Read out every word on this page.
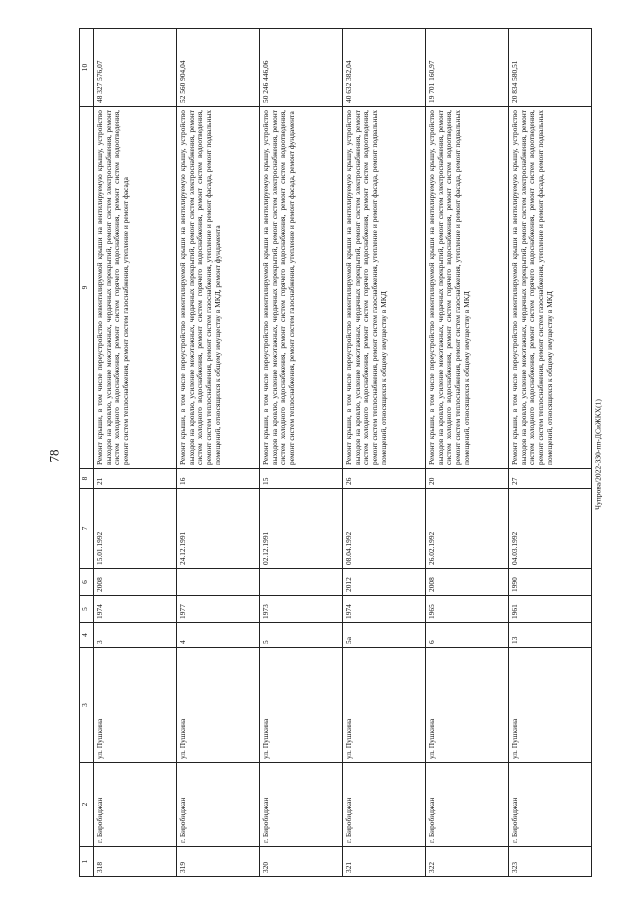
78	Чупрова/2022-330-пп-ДСиЖКХ(1)
1	2	3	4	5	6	7	8	9	10
318	г. Биробиджан	ул. Пушкина	3	1974	2008	15.01.1992	21	Ремонт крыши, в том числе переустройство невентилируемой крыши на вентилируемую крышу, устройство выходов на кровлю, усиление межэтажных, чердачных перекрытий, ремонт систем электроснабжения, ремонт систем холодного водоснабжения, ремонт систем горячего водоснабжения, ремонт систем водоотведения, ремонт систем теплоснабжения, ремонт систем газоснабжения, утепление и ремонт фасада	48 327 576,07
319	г. Биробиджан	ул. Пушкина	4	1977		24.12.1991	16	Ремонт крыши, в том числе переустройство невентилируемой крыши на вентилируемую крышу, устройство выходов на кровлю, усиление межэтажных, чердачных перекрытий, ремонт систем электроснабжения, ремонт систем холодного водоснабжения, ремонт систем горячего водоснабжения, ремонт систем водоотведения, ремонт систем теплоснабжения, ремонт систем газоснабжения, утепление и ремонт фасада, ремонт подвальных помещений, относящихся к общему имуществу в МКД, ремонт фундамента	52 560 904,04
320	г. Биробиджан	ул. Пушкина	5	1973		02.12.1991	15	Ремонт крыши, в том числе переустройство невентилируемой крыши на вентилируемую крышу, устройство выходов на кровлю, усиление межэтажных, чердачных перекрытий, ремонт систем электроснабжения, ремонт систем холодного водоснабжения, ремонт систем горячего водоснабжения, ремонт систем водоотведения, ремонт систем теплоснабжения, ремонт систем газоснабжения, утепление и ремонт фасада, ремонт фундамента	50 246 446,06
321	г. Биробиджан	ул. Пушкина	5а	1974	2012	08.04.1992	26	Ремонт крыши, в том числе переустройство невентилируемой крыши на вентилируемую крышу, устройство выходов на кровлю, усиление межэтажных, чердачных перекрытий, ремонт систем электроснабжения, ремонт систем холодного водоснабжения, ремонт систем горячего водоснабжения, ремонт систем водоотведения, ремонт систем теплоснабжения, ремонт систем газоснабжения, утепление и ремонт фасада, ремонт подвальных помещений, относящихся к общему имуществу в МКД	40 632 382,04
322	г. Биробиджан	ул. Пушкина	6	1965	2008	26.02.1992	20	Ремонт крыши, в том числе переустройство невентилируемой крыши на вентилируемую крышу, устройство выходов на кровлю, усиление межэтажных, чердачных перекрытий, ремонт систем электроснабжения, ремонт систем холодного водоснабжения, ремонт систем горячего водоснабжения, ремонт систем водоотведения, ремонт систем теплоснабжения, ремонт систем газоснабжения, утепление и ремонт фасада, ремонт подвальных помещений, относящихся к общему имуществу в МКД	19 701 160,97
323	г. Биробиджан	ул. Пушкина	13	1961	1990	04.03.1992	27	Ремонт крыши, в том числе переустройство невентилируемой крыши на вентилируемую крышу, устройство выходов на кровлю, усиление межэтажных, чердачных перекрытий, ремонт систем электроснабжения, ремонт систем холодного водоснабжения, ремонт систем горячего водоснабжения, ремонт систем водоотведения, ремонт систем теплоснабжения, ремонт систем газоснабжения, утепление и ремонт фасада, ремонт подвальных помещений, относящихся к общему имуществу в МКД	20 834 580,51
